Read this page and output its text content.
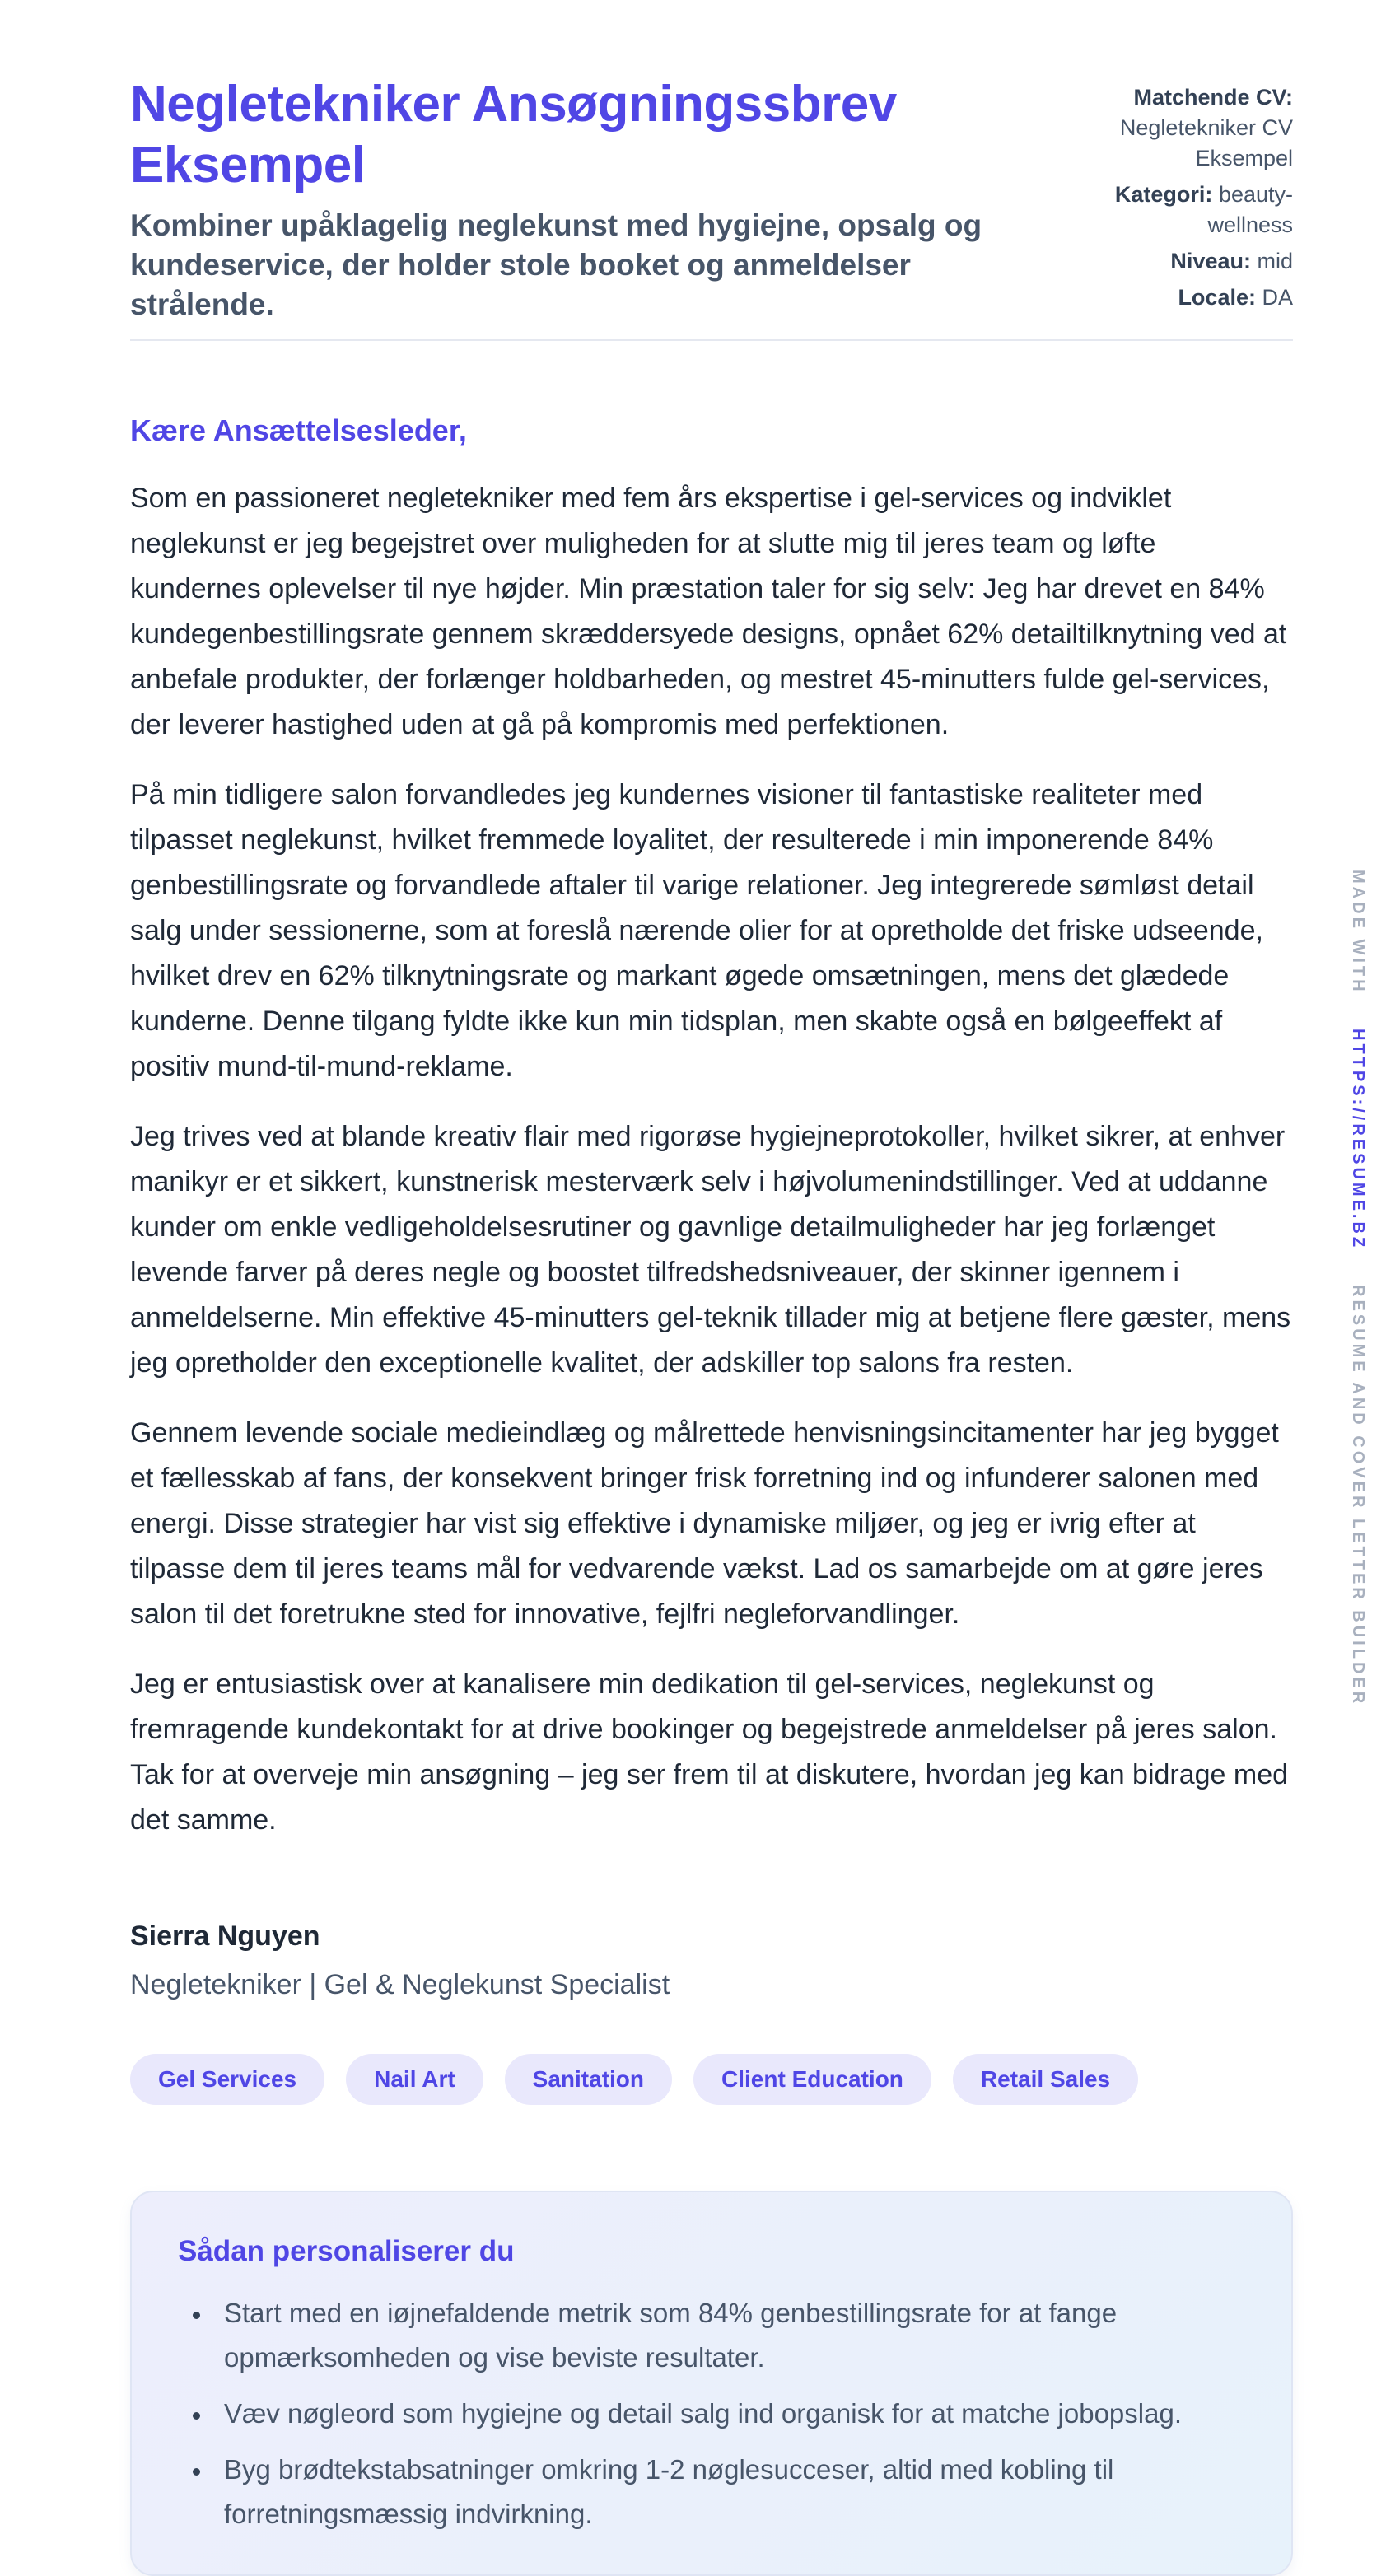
Negletekniker Ansøgningssbrev Eksempel

Kombiner upåklagelig neglekunst med hygiejne, opsalg og kundeservice, der holder stole booket og anmeldelser strålende.

Matchende CV: Negletekniker CV Eksempel

Kategori: beauty-wellness

Niveau: mid

Locale: DA

Kære Ansættelsesleder,

Som en passioneret negletekniker med fem års ekspertise i gel-services og indviklet neglekunst er jeg begejstret over muligheden for at slutte mig til jeres team og løfte kundernes oplevelser til nye højder. Min præstation taler for sig selv: Jeg har drevet en 84% kundegenbestillingsrate gennem skræddersyede designs, opnået 62% detailtilknytning ved at anbefale produkter, der forlænger holdbarheden, og mestret 45-minutters fulde gel-services, der leverer hastighed uden at gå på kompromis med perfektionen.

På min tidligere salon forvandledes jeg kundernes visioner til fantastiske realiteter med tilpasset neglekunst, hvilket fremmede loyalitet, der resulterede i min imponerende 84% genbestillingsrate og forvandlede aftaler til varige relationer. Jeg integrerede sømløst detail salg under sessionerne, som at foreslå nærende olier for at opretholde det friske udseende, hvilket drev en 62% tilknytningsrate og markant øgede omsætningen, mens det glædede kunderne. Denne tilgang fyldte ikke kun min tidsplan, men skabte også en bølgeeffekt af positiv mund-til-mund-reklame.

Jeg trives ved at blande kreativ flair med rigorøse hygiejneprotokoller, hvilket sikrer, at enhver manikyr er et sikkert, kunstnerisk mesterværk selv i højvolumenindstillinger. Ved at uddanne kunder om enkle vedligeholdelsesrutiner og gavnlige detailmuligheder har jeg forlænget levende farver på deres negle og boostet tilfredshedsniveauer, der skinner igennem i anmeldelserne. Min effektive 45-minutters gel-teknik tillader mig at betjene flere gæster, mens jeg opretholder den exceptionelle kvalitet, der adskiller top salons fra resten.

Gennem levende sociale medieindlæg og målrettede henvisningsincitamenter har jeg bygget et fællesskab af fans, der konsekvent bringer frisk forretning ind og infunderer salonen med energi. Disse strategier har vist sig effektive i dynamiske miljøer, og jeg er ivrig efter at tilpasse dem til jeres teams mål for vedvarende vækst. Lad os samarbejde om at gøre jeres salon til det foretrukne sted for innovative, fejlfri negleforvandlinger.

Jeg er entusiastisk over at kanalisere min dedikation til gel-services, neglekunst og fremragende kundekontakt for at drive bookinger og begejstrede anmeldelser på jeres salon. Tak for at overveje min ansøgning – jeg ser frem til at diskutere, hvordan jeg kan bidrage med det samme.

Sierra Nguyen

Negletekniker | Gel & Neglekunst Specialist

Gel Services	Nail Art	Sanitation	Client Education	Retail Sales
Sådan personaliserer du
• Start med en iøjnefaldende metrik som 84% genbestillingsrate for at fange opmærksomheden og vise beviste resultater.
• Væv nøgleord som hygiejne og detail salg ind organisk for at matche jobopslag.
• Byg brødtekstabsatninger omkring 1-2 nøglesucceser, altid med kobling til forretningsmæssig indvirkning.
MADE WITH HTTPS://RESUME.BZ RESUME AND COVER LETTER BUILDER
